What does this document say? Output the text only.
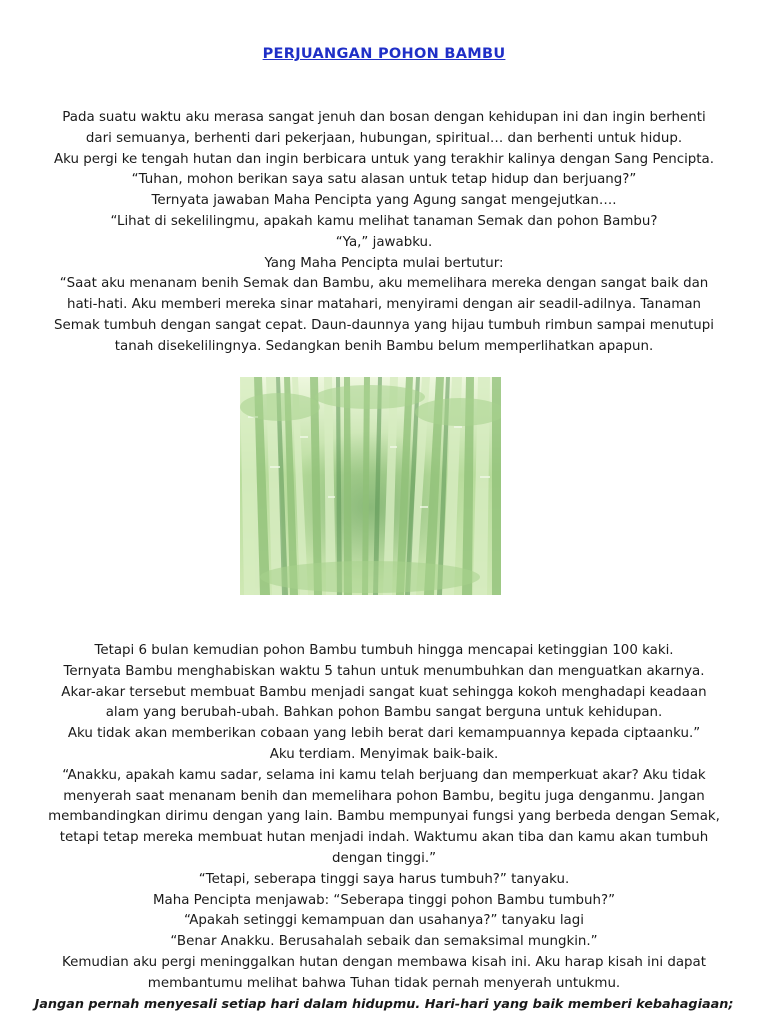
PERJUANGAN POHON BAMBU
Pada suatu waktu aku merasa sangat jenuh dan bosan dengan kehidupan ini dan ingin berhenti
dari semuanya, berhenti dari pekerjaan, hubungan, spiritual… dan berhenti untuk hidup.
Aku pergi ke tengah hutan dan ingin berbicara untuk yang terakhir kalinya dengan Sang Pencipta.
“Tuhan, mohon berikan saya satu alasan untuk tetap hidup dan berjuang?”
Ternyata jawaban Maha Pencipta yang Agung sangat mengejutkan….
“Lihat di sekelilingmu, apakah kamu melihat tanaman Semak dan pohon Bambu?
“Ya,” jawabku.
Yang Maha Pencipta mulai bertutur:
“Saat aku menanam benih Semak dan Bambu, aku memelihara mereka dengan sangat baik dan
hati-hati. Aku memberi mereka sinar matahari, menyirami dengan air seadil-adilnya. Tanaman
Semak tumbuh dengan sangat cepat. Daun-daunnya yang hijau tumbuh rimbun sampai menutupi
tanah disekelilingnya. Sedangkan benih Bambu belum memperlihatkan apapun.
Tetapi 6 bulan kemudian pohon Bambu tumbuh hingga mencapai ketinggian 100 kaki.
Ternyata Bambu menghabiskan waktu 5 tahun untuk menumbuhkan dan menguatkan akarnya.
Akar-akar tersebut membuat Bambu menjadi sangat kuat sehingga kokoh menghadapi keadaan
alam yang berubah-ubah. Bahkan pohon Bambu sangat berguna untuk kehidupan.
Aku tidak akan memberikan cobaan yang lebih berat dari kemampuannya kepada ciptaanku.”
Aku terdiam. Menyimak baik-baik.
“Anakku, apakah kamu sadar, selama ini kamu telah berjuang dan memperkuat akar? Aku tidak
menyerah saat menanam benih dan memelihara pohon Bambu, begitu juga denganmu. Jangan
membandingkan dirimu dengan yang lain. Bambu mempunyai fungsi yang berbeda dengan Semak,
tetapi tetap mereka membuat hutan menjadi indah. Waktumu akan tiba dan kamu akan tumbuh
dengan tinggi.”
“Tetapi, seberapa tinggi saya harus tumbuh?” tanyaku.
Maha Pencipta menjawab: “Seberapa tinggi pohon Bambu tumbuh?”
“Apakah setinggi kemampuan dan usahanya?” tanyaku lagi
“Benar Anakku. Berusahalah sebaik dan semaksimal mungkin.”
Kemudian aku pergi meninggalkan hutan dengan membawa kisah ini. Aku harap kisah ini dapat
membantumu melihat bahwa Tuhan tidak pernah menyerah untukmu.
Jangan pernah menyesali setiap hari dalam hidupmu. Hari-hari yang baik memberi kebahagiaan;
